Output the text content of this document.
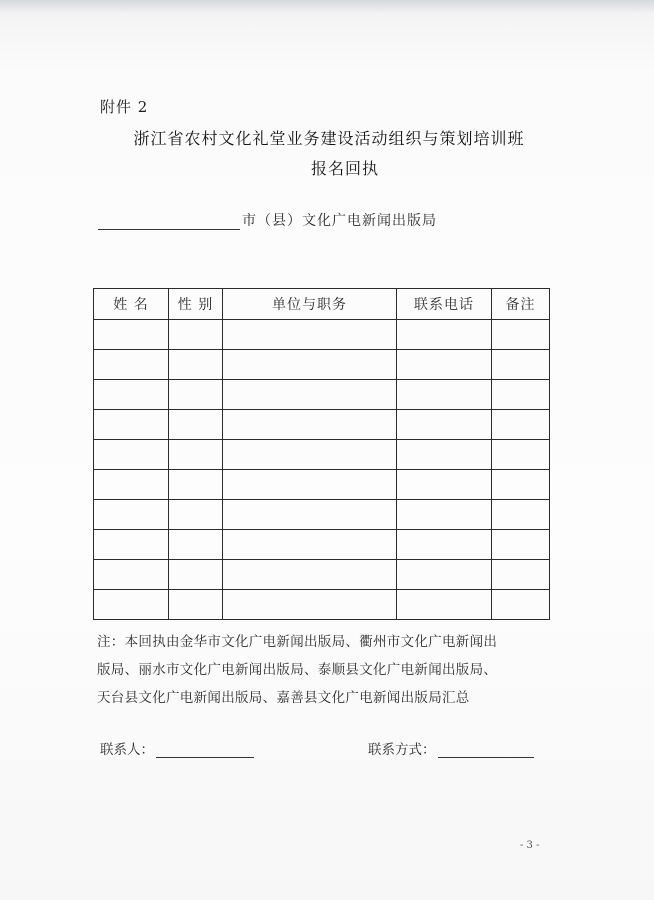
附件 2
浙江省农村文化礼堂业务建设活动组织与策划培训班
报名回执
市（县）文化广电新闻出版局
姓 名	性 别	单位与职务	联系电话	备注

注：本回执由金华市文化广电新闻出版局、衢州市文化广电新闻出
版局、丽水市文化广电新闻出版局、泰顺县文化广电新闻出版局、
天台县文化广电新闻出版局、嘉善县文化广电新闻出版局汇总
联系人：	联系方式：
- 3 -
